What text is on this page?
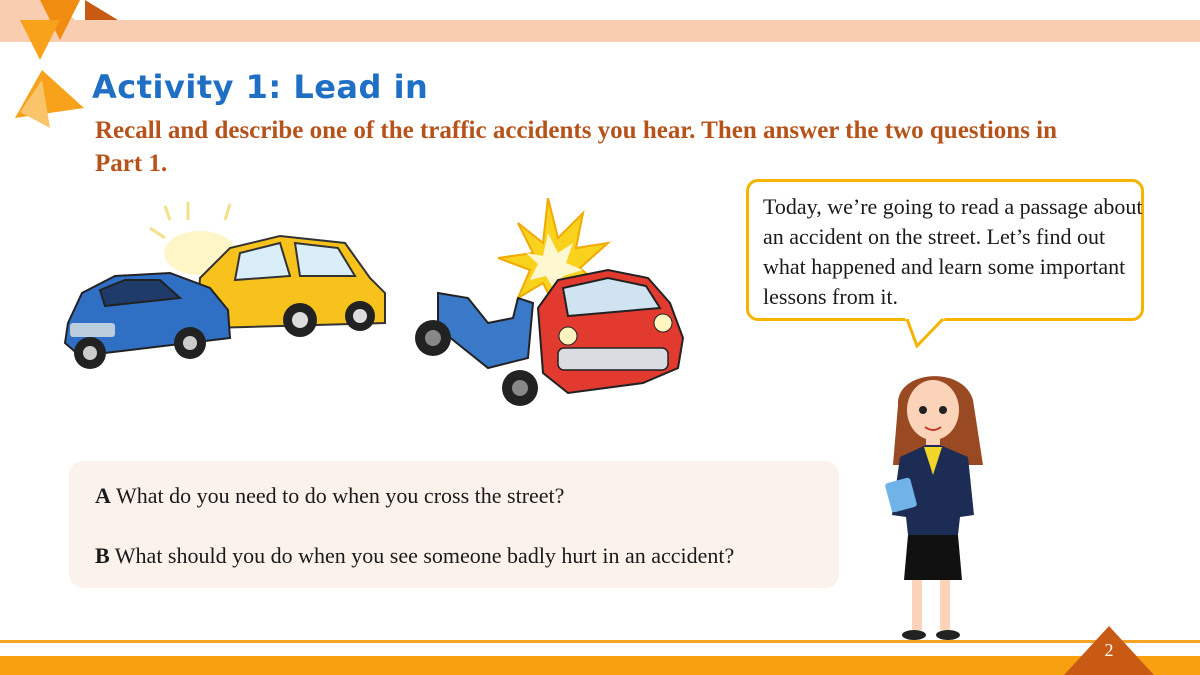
Activity 1: Lead in

Recall and describe one of the traffic accidents you hear. Then answer the two questions in Part 1.

Today, we’re going to read a passage about an accident on the street. Let’s find out what happened and learn some important lessons from it.

A What do you need to do when you cross the street?

B What should you do when you see someone badly hurt in an accident?

2
